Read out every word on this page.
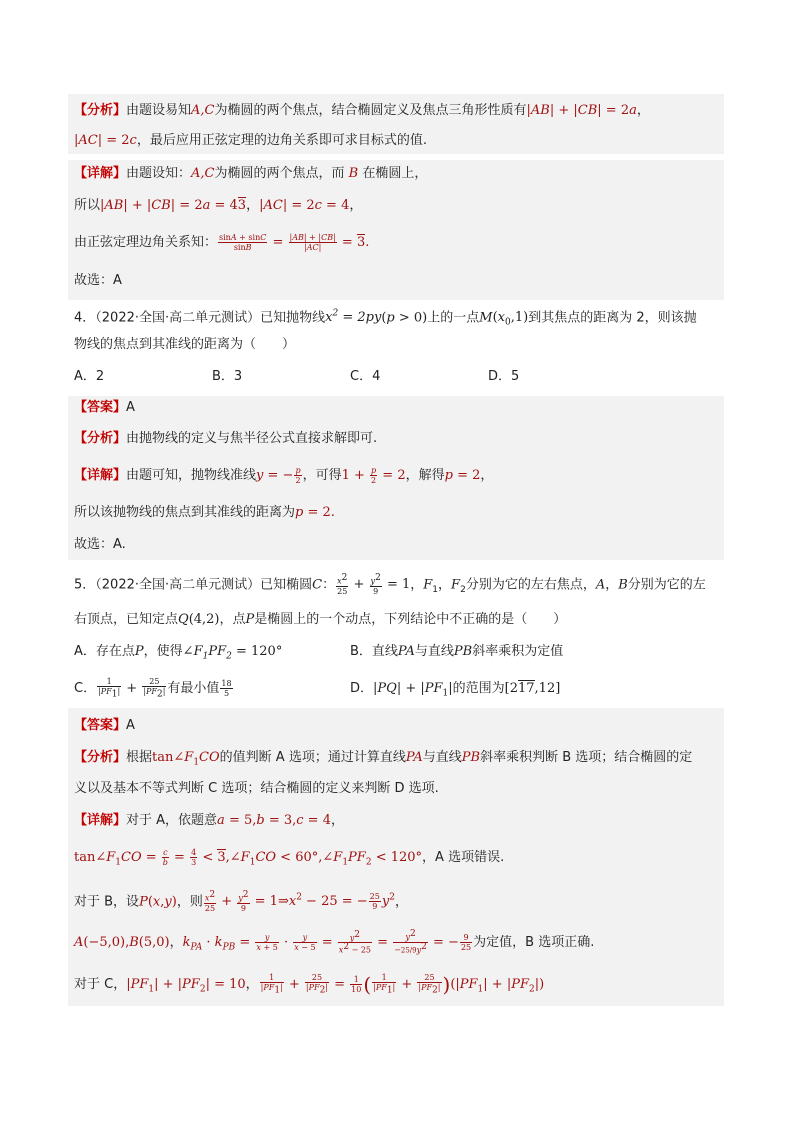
【分析】由题设易知A,C为椭圆的两个焦点，结合椭圆定义及焦点三角形性质有|AB| + |CB| = 2a，
|AC| = 2c，最后应用正弦定理的边角关系即可求目标式的值.
【详解】由题设知：A,C为椭圆的两个焦点，而 B 在椭圆上，
所以|AB| + |CB| = 2a = 43，|AC| = 2c = 4，
由正弦定理边角关系知： $\frac{\sin A + \sin C}{\sin B} = \frac{|AB| + |CB|}{|AC|} = 3$.
故选：A
4．（2022·全国·高二单元测试）已知抛物线$x^2 = 2py(p > 0)$上的一点$M(x_0,1)$到其焦点的距离为 2，则该抛
物线的焦点到其准线的距离为（　　）
A．2	B．3	C．4	D．5
【答案】A
【分析】由抛物线的定义与焦半径公式直接求解即可.
【详解】由题可知，抛物线准线y = − $\frac{p}{2}$ ，可得$1 + \frac{p}{2} = 2$，解得p = 2，
所以该抛物线的焦点到其准线的距离为p = 2.
故选：A.
5．（2022·全国·高二单元测试）已知椭圆C： $\frac{x^2}{25} + \frac{y^2}{9} = 1$，$F_1$，$F_2$分别为它的左右焦点，A，B分别为它的左
右顶点，已知定点Q(4,2)，点P是椭圆上的一个动点，下列结论中不正确的是（　　）
A．存在点P，使得$\angle F_1PF_2 = 120^\circ$	B．直线PA与直线PB斜率乘积为定值
C． $\frac{1}{|PF_1|} + \frac{25}{|PF_2|}$ 有最小值 $\frac{18}{5}$	D．$|PQ| + |PF_1|$的范围为[217,12]
【答案】A
【分析】根据$\tan\angle F_1CO$的值判断 A 选项；通过计算直线PA与直线PB斜率乘积判断 B 选项；结合椭圆的定
义以及基本不等式判断 C 选项；结合椭圆的定义来判断 D 选项.
【详解】对于 A，依题意a = 5,b = 3,c = 4，
$\tan\angle F_1CO = \frac{c}{b} = \frac{4}{3}$ < $3,\angle F_1CO$ < $60^\circ,\angle F_1PF_2 < 120^\circ$，A 选项错误.
对于 B，设P(x,y)，则 $\frac{x^2}{25} + \frac{y^2}{9}$ = $1\Rightarrow x^2 - 25$ = − $\frac{25}{9} y^2$，
A(−5,0),B(5,0)，$k_{PA} \cdot k_{PB} = \frac{y}{x + 5} \cdot \frac{y}{x - 5} = \frac{y^2}{x^2 - 25} = \frac{y^2}{-25/9y^2}$ = − $\frac{9}{25}$ 为定值，B 选项正确.
对于 C，$|PF_1| + |PF_2| = 10$， $\frac{1}{|PF_1|} + \frac{25}{|PF_2|} = \frac{1}{10}$ ( $\frac{1}{|PF_1|} + \frac{25}{|PF_2|} )(|PF_1| + |PF_2|)$
